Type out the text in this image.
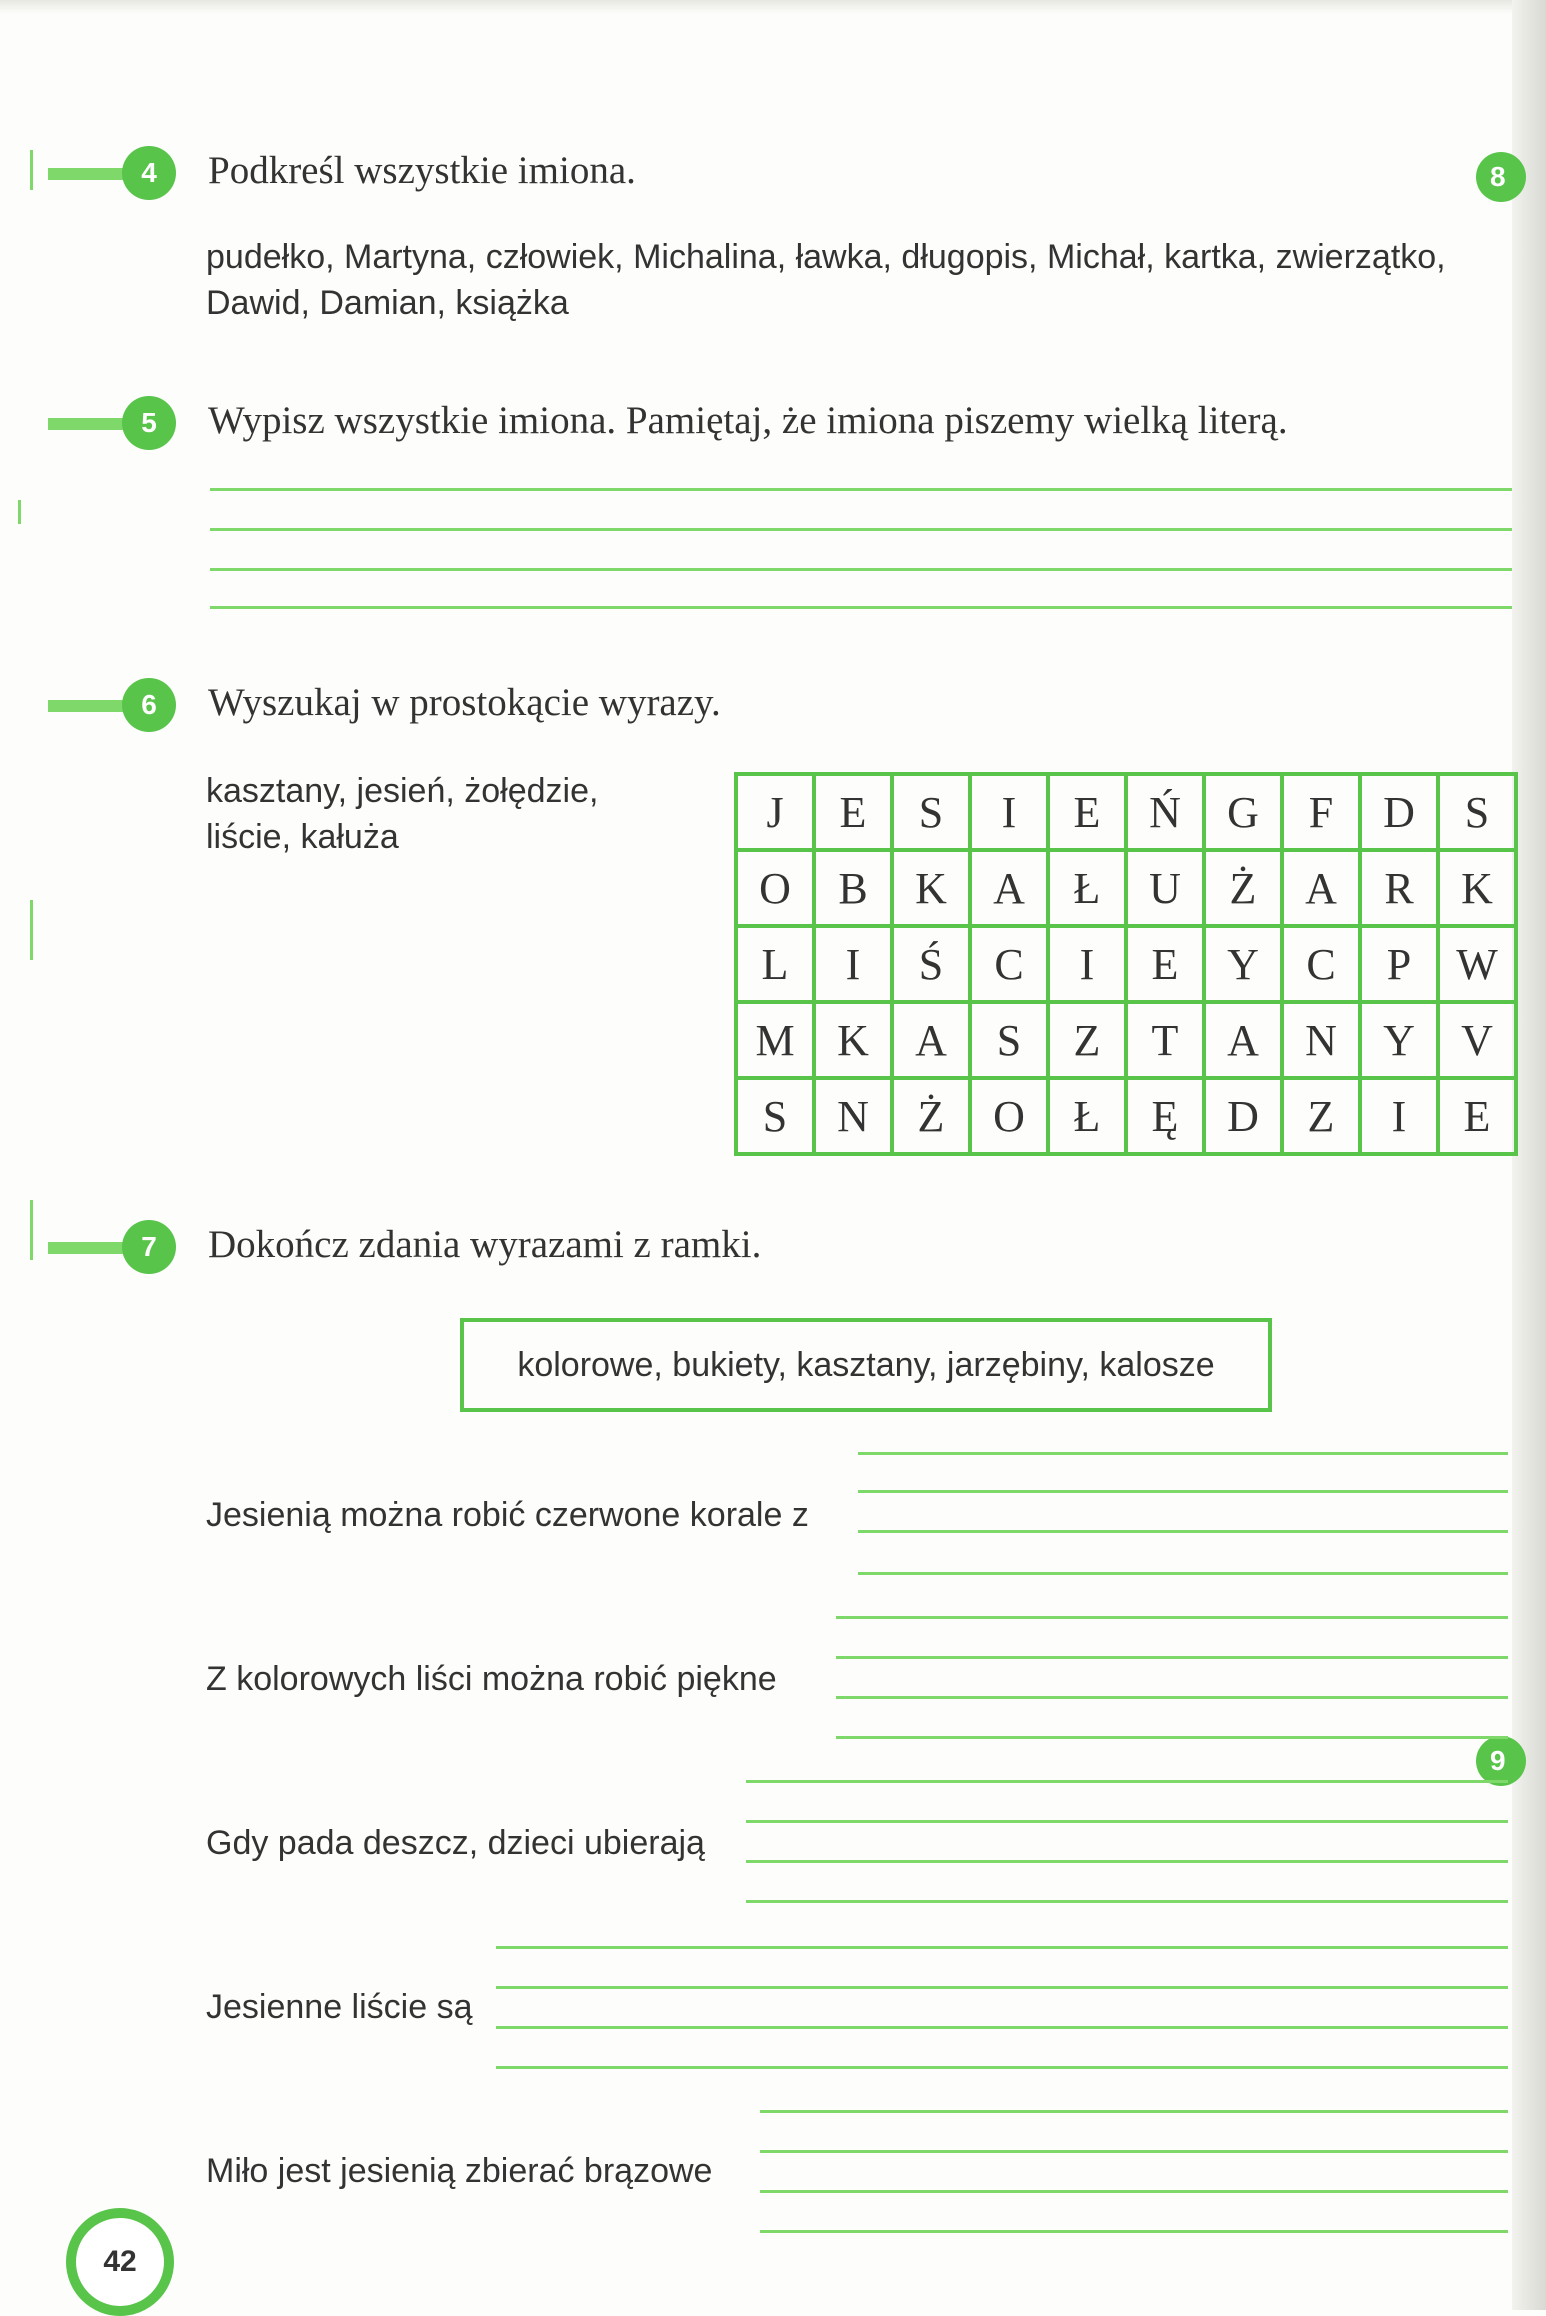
8
9
4	Podkreśl wszystkie imiona.
pudełko, Martyna, człowiek, Michalina, ławka, długopis, Michał, kartka, zwierzątko,
Dawid, Damian, książka
5	Wypisz wszystkie imiona. Pamiętaj, że imiona piszemy wielką literą.
6	Wyszukaj w prostokącie wyrazy.
kasztany, jesień, żołędzie,
liście, kałuża
J	E	S	I	E	Ń	G	F	D	S
O	B	K	A	Ł	U	Ż	A	R	K
L	I	Ś	C	I	E	Y	C	P	W
M	K	A	S	Z	T	A	N	Y	V
S	N	Ż	O	Ł	Ę	D	Z	I	E
7	Dokończ zdania wyrazami z ramki.
kolorowe, bukiety, kasztany, jarzębiny, kalosze
Jesienią można robić czerwone korale z
Z kolorowych liści można robić piękne
Gdy pada deszcz, dzieci ubierają
Jesienne liście są
Miło jest jesienią zbierać brązowe
42
